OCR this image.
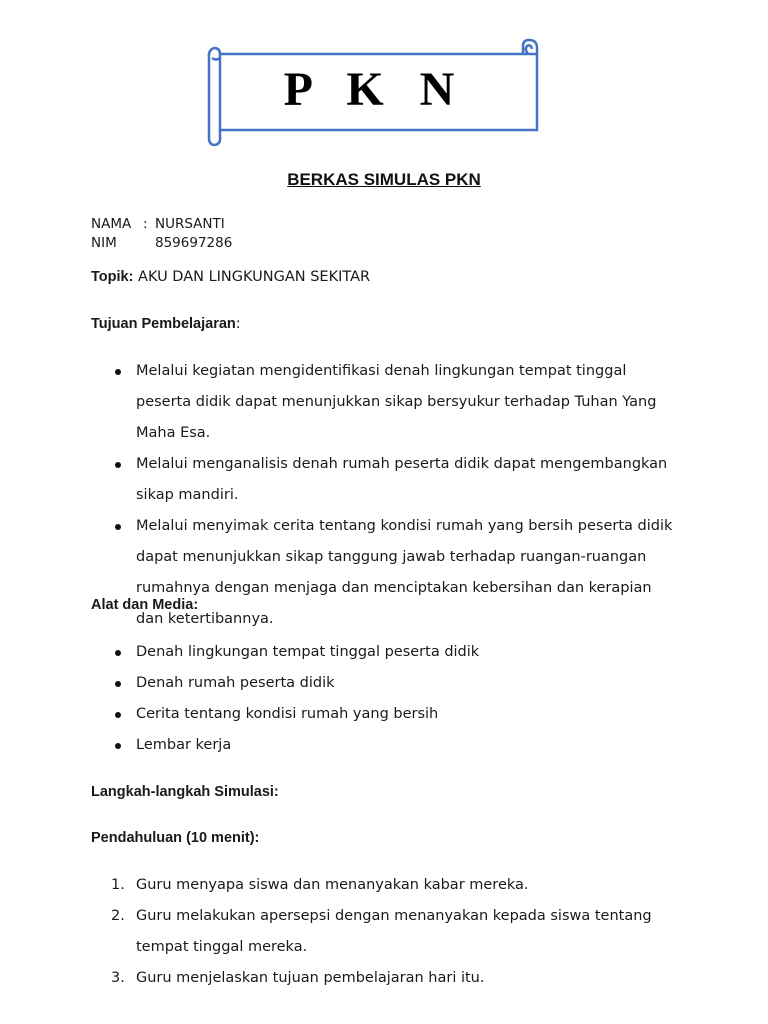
P K N
BERKAS SIMULAS PKN
NAMA : NURSANTI
NIM	859697286
Topik: AKU DAN LINGKUNGAN SEKITAR
Tujuan Pembelajaran:
Melalui kegiatan mengidentifikasi denah lingkungan tempat tinggal peserta didik dapat menunjukkan sikap bersyukur terhadap Tuhan Yang Maha Esa.
Melalui menganalisis denah rumah peserta didik dapat mengembangkan sikap mandiri.
Melalui menyimak cerita tentang kondisi rumah yang bersih peserta didik dapat menunjukkan sikap tanggung jawab terhadap ruangan-ruangan rumahnya dengan menjaga dan menciptakan kebersihan dan kerapian dan ketertibannya.
Alat dan Media:
Denah lingkungan tempat tinggal peserta didik
Denah rumah peserta didik
Cerita tentang kondisi rumah yang bersih
Lembar kerja
Langkah-langkah Simulasi:
Pendahuluan (10 menit):
1. Guru menyapa siswa dan menanyakan kabar mereka.
2. Guru melakukan apersepsi dengan menanyakan kepada siswa tentang tempat tinggal mereka.
3. Guru menjelaskan tujuan pembelajaran hari itu.
